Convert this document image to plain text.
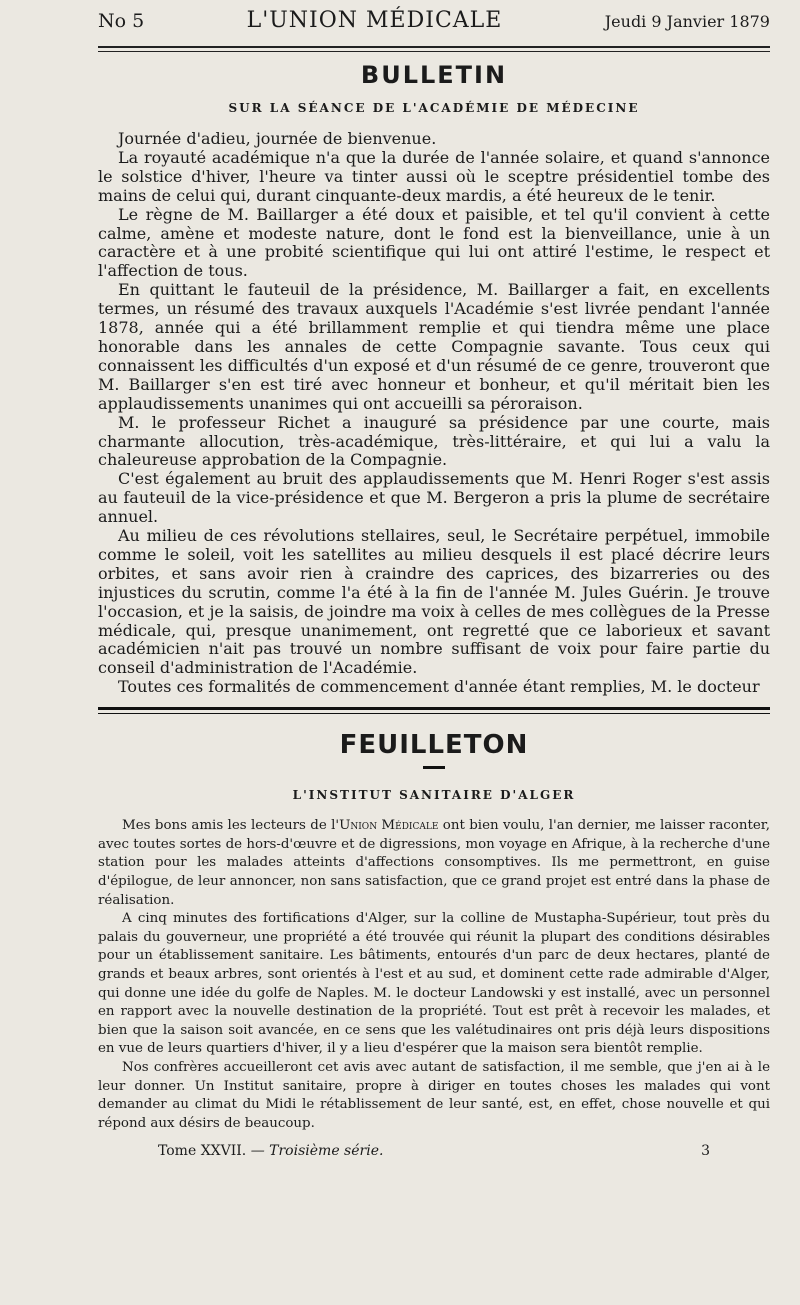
No 5	L'UNION MÉDICALE	Jeudi 9 Janvier 1879
BULLETIN
SUR LA SÉANCE DE L'ACADÉMIE DE MÉDECINE

Journée d'adieu, journée de bienvenue.

La royauté académique n'a que la durée de l'année solaire, et quand s'annonce le solstice d'hiver, l'heure va tinter aussi où le sceptre présidentiel tombe des mains de celui qui, durant cinquante-deux mardis, a été heureux de le tenir.

Le règne de M. Baillarger a été doux et paisible, et tel qu'il convient à cette calme, amène et modeste nature, dont le fond est la bienveillance, unie à un caractère et à une probité scientifique qui lui ont attiré l'estime, le respect et l'affection de tous.

En quittant le fauteuil de la présidence, M. Baillarger a fait, en excellents termes, un résumé des travaux auxquels l'Académie s'est livrée pendant l'année 1878, année qui a été brillamment remplie et qui tiendra même une place honorable dans les annales de cette Compagnie savante. Tous ceux qui connaissent les difficultés d'un exposé et d'un résumé de ce genre, trouveront que M. Baillarger s'en est tiré avec honneur et bonheur, et qu'il méritait bien les applaudissements unanimes qui ont accueilli sa péroraison.

M. le professeur Richet a inauguré sa présidence par une courte, mais charmante allocution, très-académique, très-littéraire, et qui lui a valu la chaleureuse approbation de la Compagnie.

C'est également au bruit des applaudissements que M. Henri Roger s'est assis au fauteuil de la vice-présidence et que M. Bergeron a pris la plume de secrétaire annuel.

Au milieu de ces révolutions stellaires, seul, le Secrétaire perpétuel, immobile comme le soleil, voit les satellites au milieu desquels il est placé décrire leurs orbites, et sans avoir rien à craindre des caprices, des bizarreries ou des injustices du scrutin, comme l'a été à la fin de l'année M. Jules Guérin. Je trouve l'occasion, et je la saisis, de joindre ma voix à celles de mes collègues de la Presse médicale, qui, presque unanimement, ont regretté que ce laborieux et savant académicien n'ait pas trouvé un nombre suffisant de voix pour faire partie du conseil d'administration de l'Académie.

Toutes ces formalités de commencement d'année étant remplies, M. le docteur

FEUILLETON
L'INSTITUT SANITAIRE D'ALGER

Mes bons amis les lecteurs de l'Union Médicale ont bien voulu, l'an dernier, me laisser raconter, avec toutes sortes de hors-d'œuvre et de digressions, mon voyage en Afrique, à la recherche d'une station pour les malades atteints d'affections consomptives. Ils me permettront, en guise d'épilogue, de leur annoncer, non sans satisfaction, que ce grand projet est entré dans la phase de réalisation.

A cinq minutes des fortifications d'Alger, sur la colline de Mustapha-Supérieur, tout près du palais du gouverneur, une propriété a été trouvée qui réunit la plupart des conditions désirables pour un établissement sanitaire. Les bâtiments, entourés d'un parc de deux hectares, planté de grands et beaux arbres, sont orientés à l'est et au sud, et dominent cette rade admirable d'Alger, qui donne une idée du golfe de Naples. M. le docteur Landowski y est installé, avec un personnel en rapport avec la nouvelle destination de la propriété. Tout est prêt à recevoir les malades, et bien que la saison soit avancée, en ce sens que les valétudinaires ont pris déjà leurs dispositions en vue de leurs quartiers d'hiver, il y a lieu d'espérer que la maison sera bientôt remplie.

Nos confrères accueilleront cet avis avec autant de satisfaction, il me semble, que j'en ai à le leur donner. Un Institut sanitaire, propre à diriger en toutes choses les malades qui vont demander au climat du Midi le rétablissement de leur santé, est, en effet, chose nouvelle et qui répond aux désirs de beaucoup.

Tome XXVII. — Troisième série.	3
